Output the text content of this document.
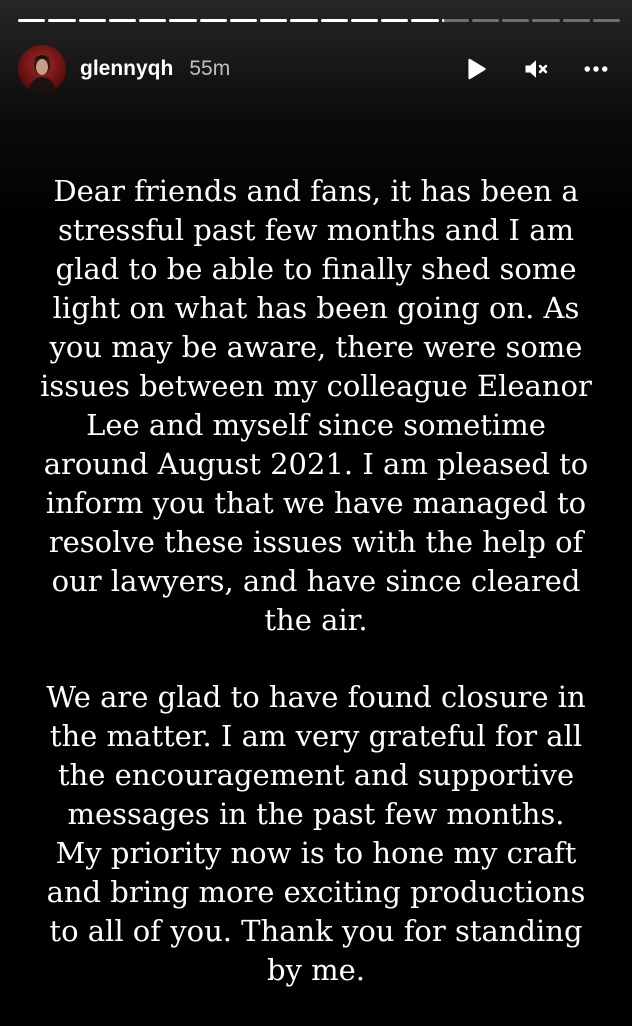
glennyqh 55m

Dear friends and fans, it has been a stressful past few months and I am glad to be able to finally shed some light on what has been going on. As you may be aware, there were some issues between my colleague Eleanor Lee and myself since sometime around August 2021. I am pleased to inform you that we have managed to resolve these issues with the help of our lawyers, and have since cleared the air.

We are glad to have found closure in the matter. I am very grateful for all the encouragement and supportive messages in the past few months. My priority now is to hone my craft and bring more exciting productions to all of you. Thank you for standing by me.
